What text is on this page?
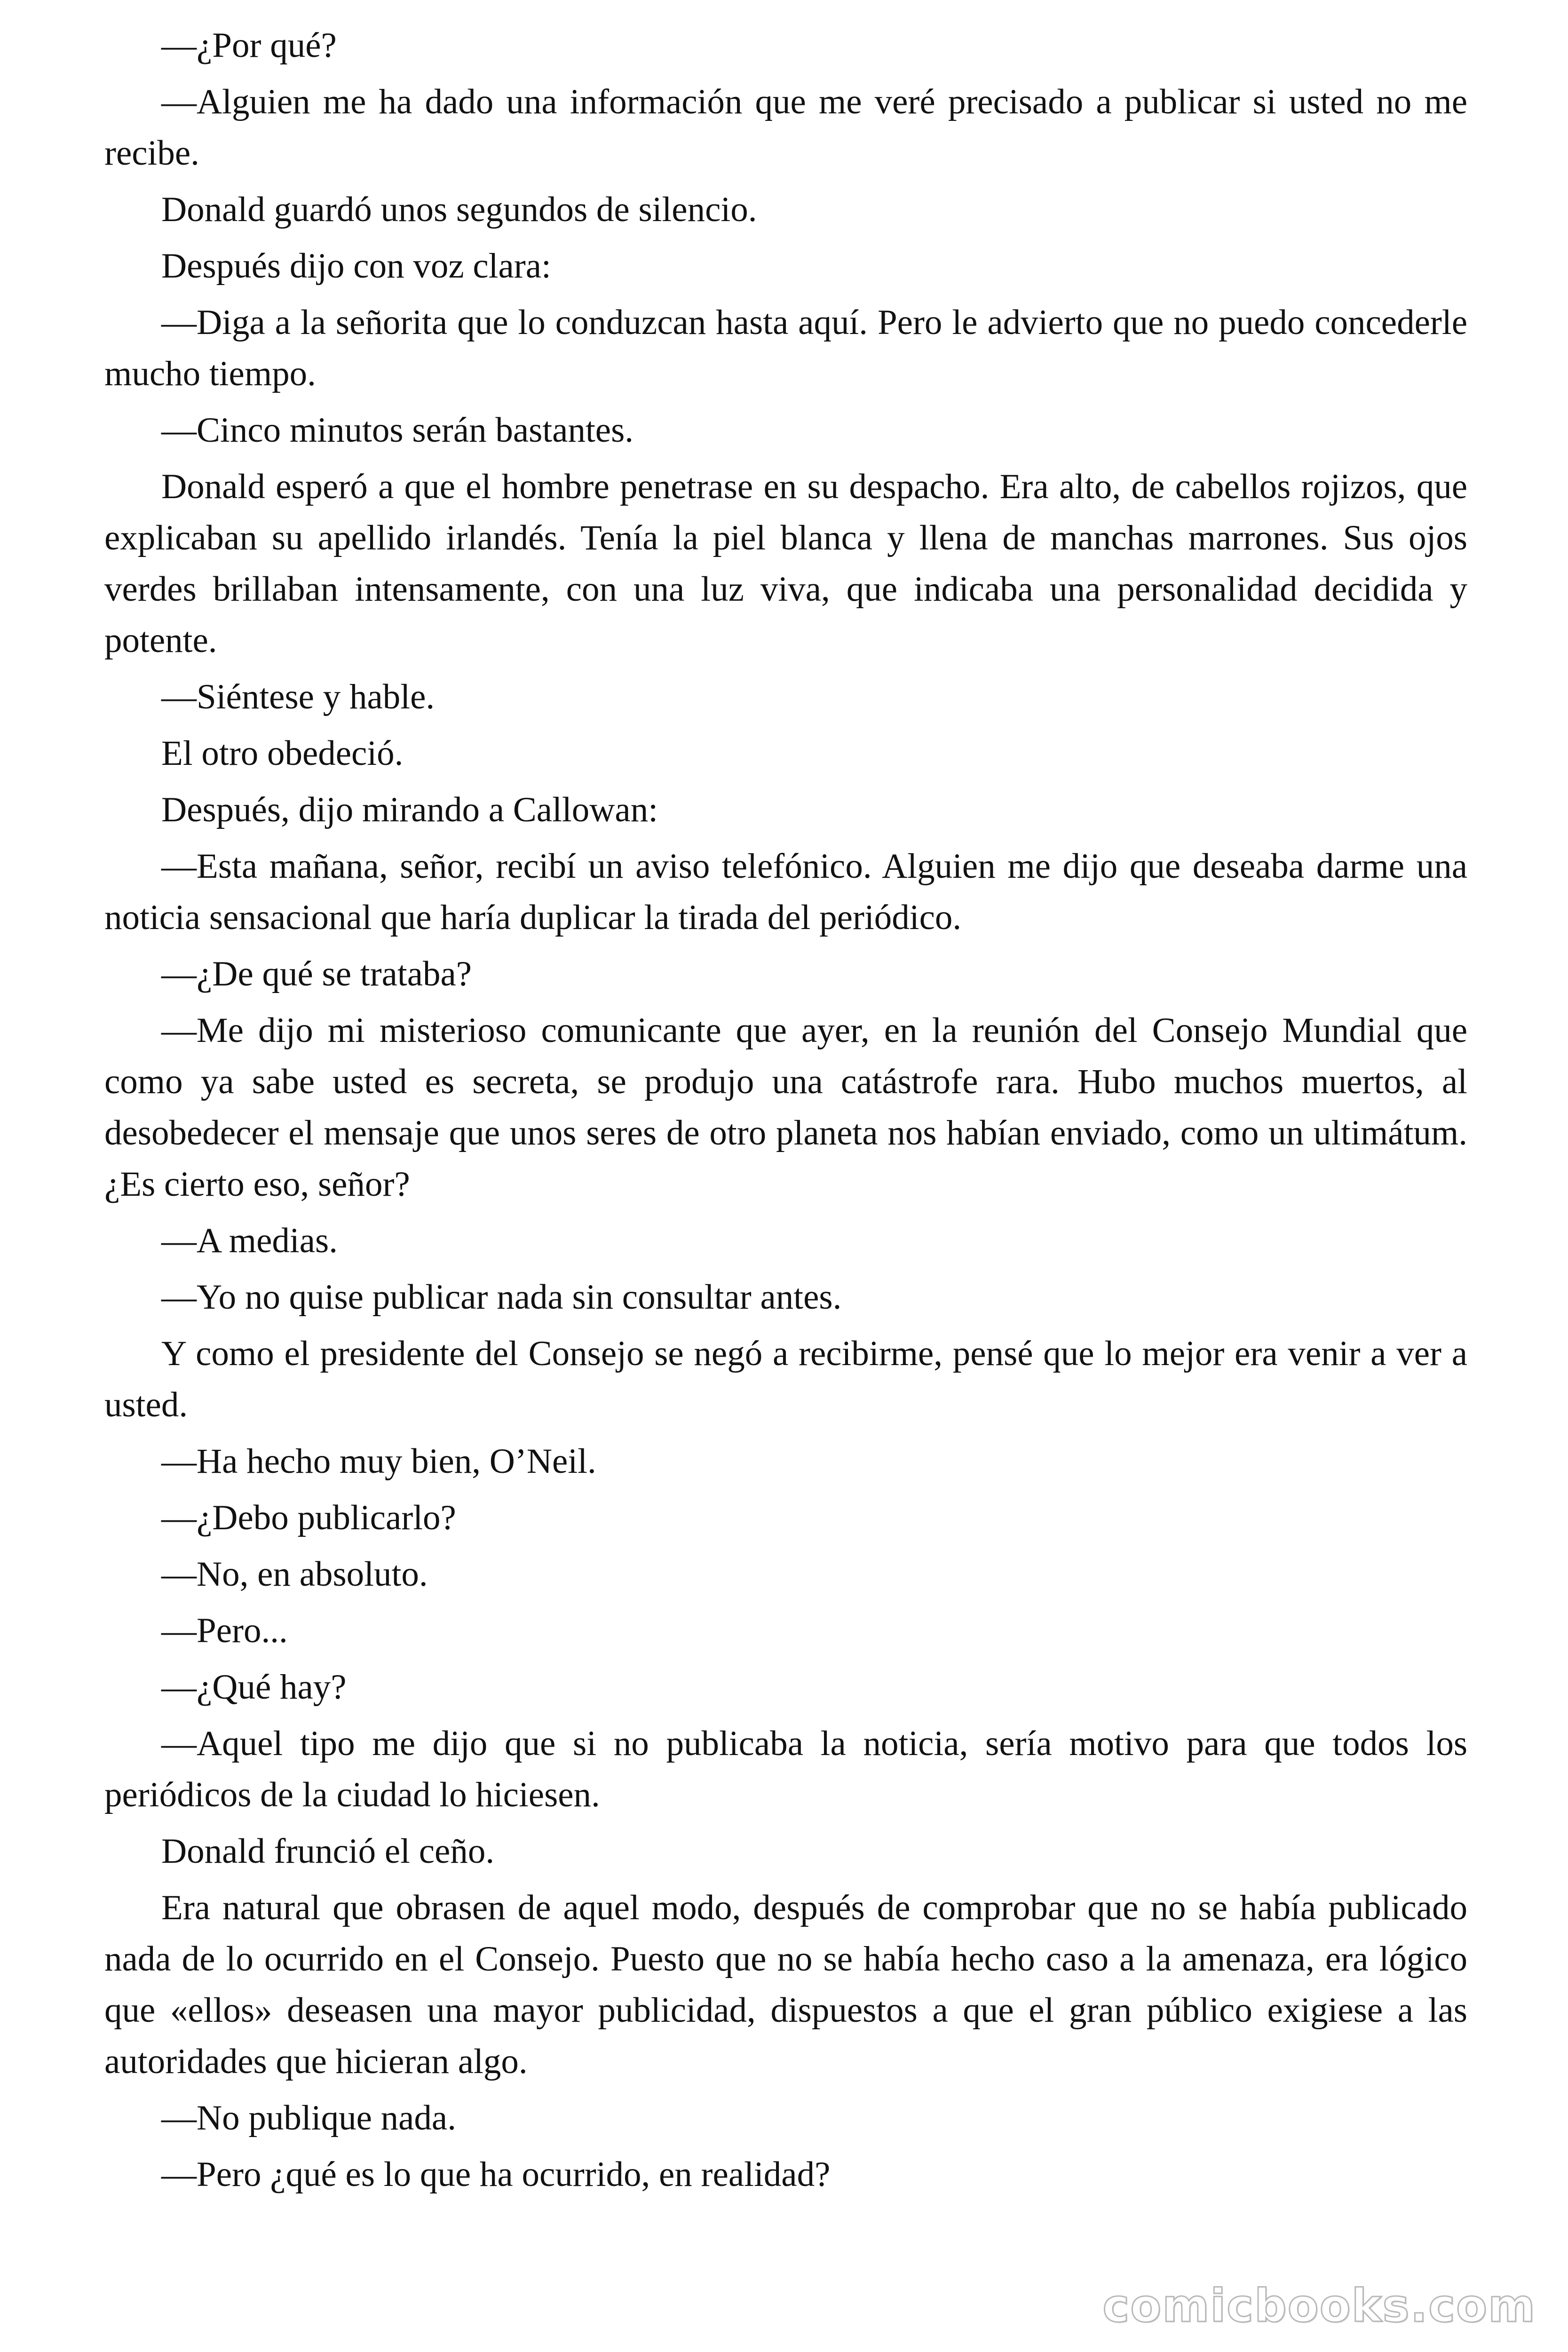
—¿Por qué?

—Alguien me ha dado una información que me veré precisado a publicar si usted no me recibe.

Donald guardó unos segundos de silencio.

Después dijo con voz clara:

—Diga a la señorita que lo conduzcan hasta aquí. Pero le advierto que no puedo concederle mucho tiempo.

—Cinco minutos serán bastantes.

Donald esperó a que el hombre penetrase en su despacho. Era alto, de cabellos rojizos, que explicaban su apellido irlandés. Tenía la piel blanca y llena de manchas marrones. Sus ojos verdes brillaban intensamente, con una luz viva, que indicaba una personalidad decidida y potente.

—Siéntese y hable.

El otro obedeció.

Después, dijo mirando a Callowan:

—Esta mañana, señor, recibí un aviso telefónico. Alguien me dijo que deseaba darme una noticia sensacional que haría duplicar la tirada del periódico.

—¿De qué se trataba?

—Me dijo mi misterioso comunicante que ayer, en la reunión del Consejo Mundial que como ya sabe usted es secreta, se produjo una catástrofe rara. Hubo muchos muertos, al desobedecer el mensaje que unos seres de otro planeta nos habían enviado, como un ultimátum. ¿Es cierto eso, señor?

—A medias.

—Yo no quise publicar nada sin consultar antes.

Y como el presidente del Consejo se negó a recibirme, pensé que lo mejor era venir a ver a usted.

—Ha hecho muy bien, O’Neil.

—¿Debo publicarlo?

—No, en absoluto.

—Pero...

—¿Qué hay?

—Aquel tipo me dijo que si no publicaba la noticia, sería motivo para que todos los periódicos de la ciudad lo hiciesen.

Donald frunció el ceño.

Era natural que obrasen de aquel modo, después de comprobar que no se había publicado nada de lo ocurrido en el Consejo. Puesto que no se había hecho caso a la amenaza, era lógico que «ellos» deseasen una mayor publicidad, dispuestos a que el gran público exigiese a las autoridades que hicieran algo.

—No publique nada.

—Pero ¿qué es lo que ha ocurrido, en realidad?

comicbooks.com
